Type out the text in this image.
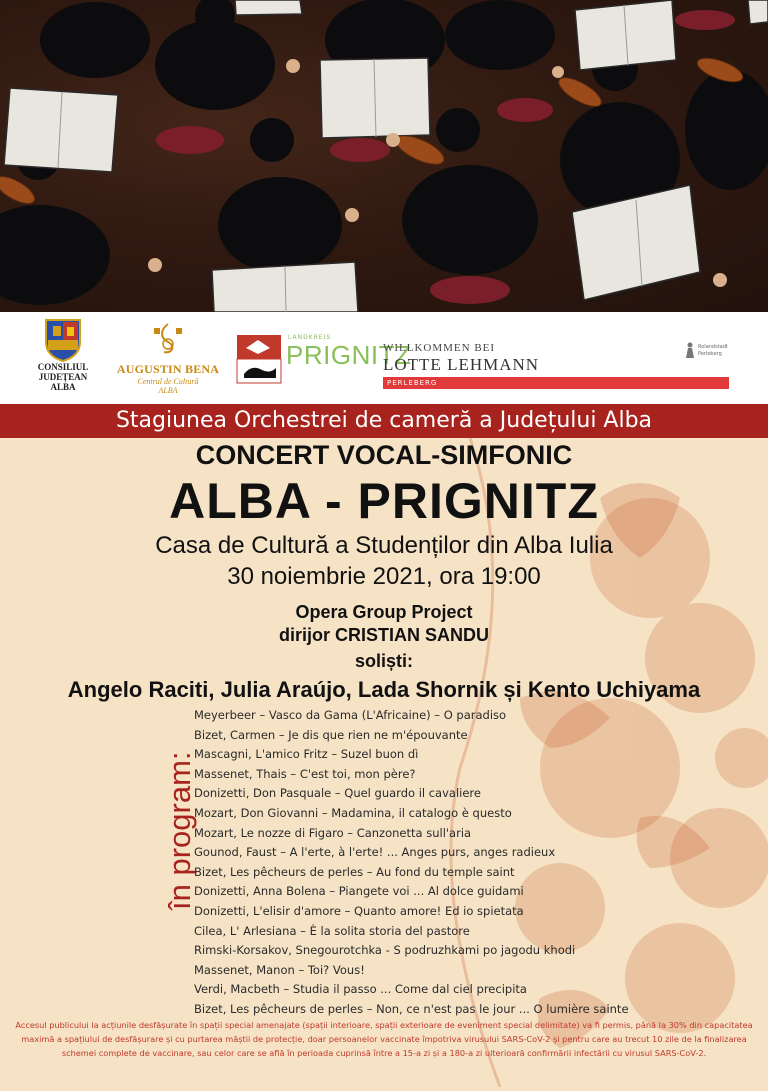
CONSILIUL
JUDEȚEAN
ALBA
AUGUSTIN BENA
Centrul de Cultură
ALBA
LANDKREIS
PRIGNITZ
WILLKOMMEN BEI
LOTTE LEHMANN
PERLEBERG
Rolandstadt
Perleberg
Stagiunea Orchestrei de cameră a Județului Alba
CONCERT VOCAL-SIMFONIC
ALBA - PRIGNITZ
Casa de Cultură a Studenților din Alba Iulia
30 noiembrie 2021, ora 19:00
Opera Group Project
dirijor CRISTIAN SANDU
soliști:
Angelo Raciti, Julia Araújo, Lada Shornik și Kento Uchiyama
în program:
Meyerbeer – Vasco da Gama (L'Africaine) – O paradiso
Bizet, Carmen – Je dis que rien ne m'épouvante
Mascagni, L'amico Fritz – Suzel buon dì
Massenet, Thais – C'est toi, mon père?
Donizetti, Don Pasquale – Quel guardo il cavaliere
Mozart, Don Giovanni – Madamina, il catalogo è questo
Mozart, Le nozze di Figaro – Canzonetta sull'aria
Gounod, Faust – A l'erte, à l'erte! ... Anges purs, anges radieux
Bizet, Les pêcheurs de perles – Au fond du temple saint
Donizetti, Anna Bolena – Piangete voi ... Al dolce guidami
Donizetti, L'elisir d'amore – Quanto amore! Ed io spietata
Cilea, L' Arlesiana – È la solita storia del pastore
Rimski-Korsakov, Snegourotchka - S podruzhkami po jagodu khodi
Massenet, Manon – Toi? Vous!
Verdi, Macbeth – Studia il passo ... Come dal ciel precipita
Bizet, Les pêcheurs de perles – Non, ce n'est pas le jour ... O lumière sainte
Accesul publicului la acțiunile desfășurate în spații special amenajate (spații interioare, spații exterioare de eveniment special delimitate) va fi permis, până la 30% din capacitatea maximă a spațiului de desfășurare și cu purtarea măștii de protecție, doar persoanelor vaccinate împotriva virusului SARS-CoV-2 și pentru care au trecut 10 zile de la finalizarea schemei complete de vaccinare, sau celor care se află în perioada cuprinsă între a 15-a zi și a 180-a zi ulterioară confirmării infectării cu virusul SARS-CoV-2.
